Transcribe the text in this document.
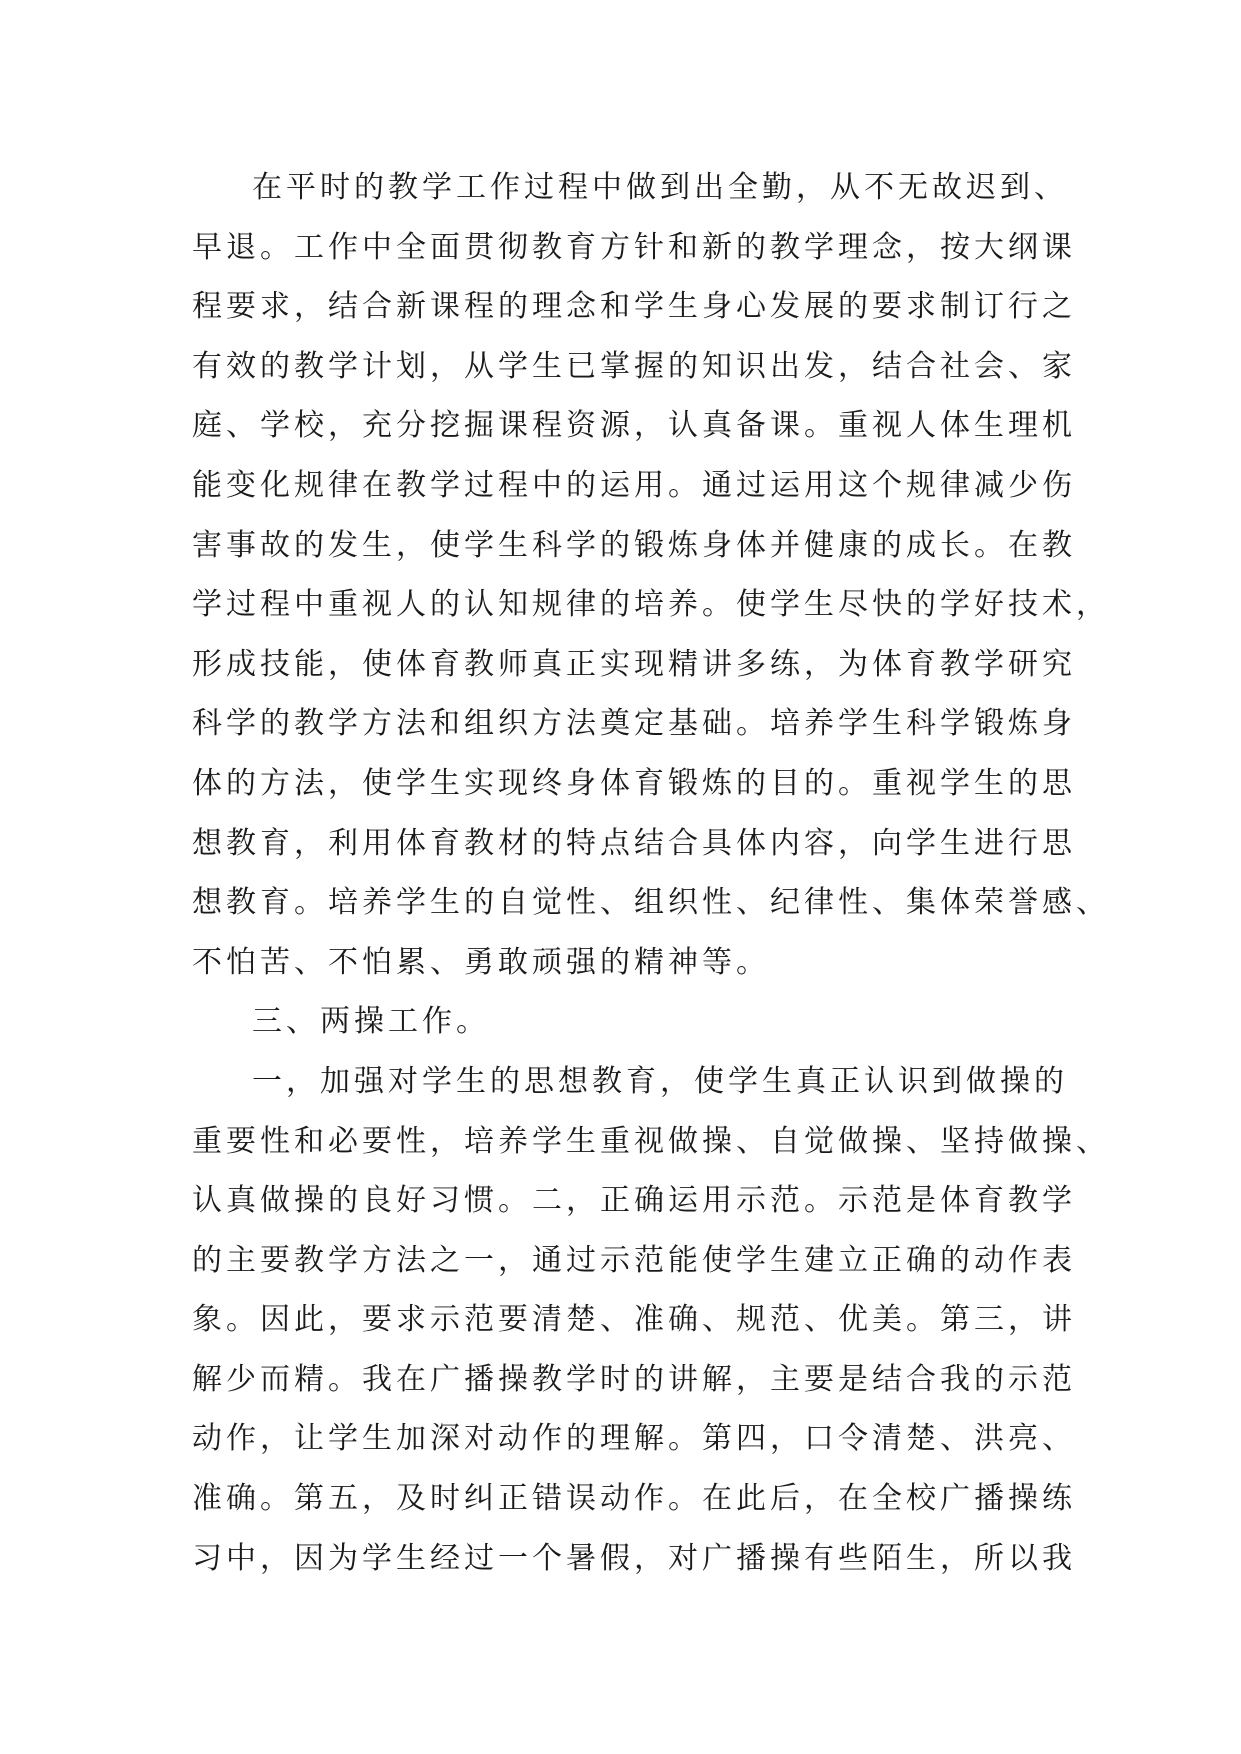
在平时的教学工作过程中做到出全勤，从不无故迟到、
早退。工作中全面贯彻教育方针和新的教学理念，按大纲课
程要求，结合新课程的理念和学生身心发展的要求制订行之
有效的教学计划，从学生已掌握的知识出发，结合社会、家
庭、学校，充分挖掘课程资源，认真备课。重视人体生理机
能变化规律在教学过程中的运用。通过运用这个规律减少伤
害事故的发生，使学生科学的锻炼身体并健康的成长。在教
学过程中重视人的认知规律的培养。使学生尽快的学好技术，
形成技能，使体育教师真正实现精讲多练，为体育教学研究
科学的教学方法和组织方法奠定基础。培养学生科学锻炼身
体的方法，使学生实现终身体育锻炼的目的。重视学生的思
想教育，利用体育教材的特点结合具体内容，向学生进行思
想教育。培养学生的自觉性、组织性、纪律性、集体荣誉感、
不怕苦、不怕累、勇敢顽强的精神等。

三、两操工作。

一，加强对学生的思想教育，使学生真正认识到做操的
重要性和必要性，培养学生重视做操、自觉做操、坚持做操、
认真做操的良好习惯。二，正确运用示范。示范是体育教学
的主要教学方法之一，通过示范能使学生建立正确的动作表
象。因此，要求示范要清楚、准确、规范、优美。第三，讲
解少而精。我在广播操教学时的讲解，主要是结合我的示范
动作，让学生加深对动作的理解。第四，口令清楚、洪亮、
准确。第五，及时纠正错误动作。在此后，在全校广播操练
习中，因为学生经过一个暑假，对广播操有些陌生，所以我
